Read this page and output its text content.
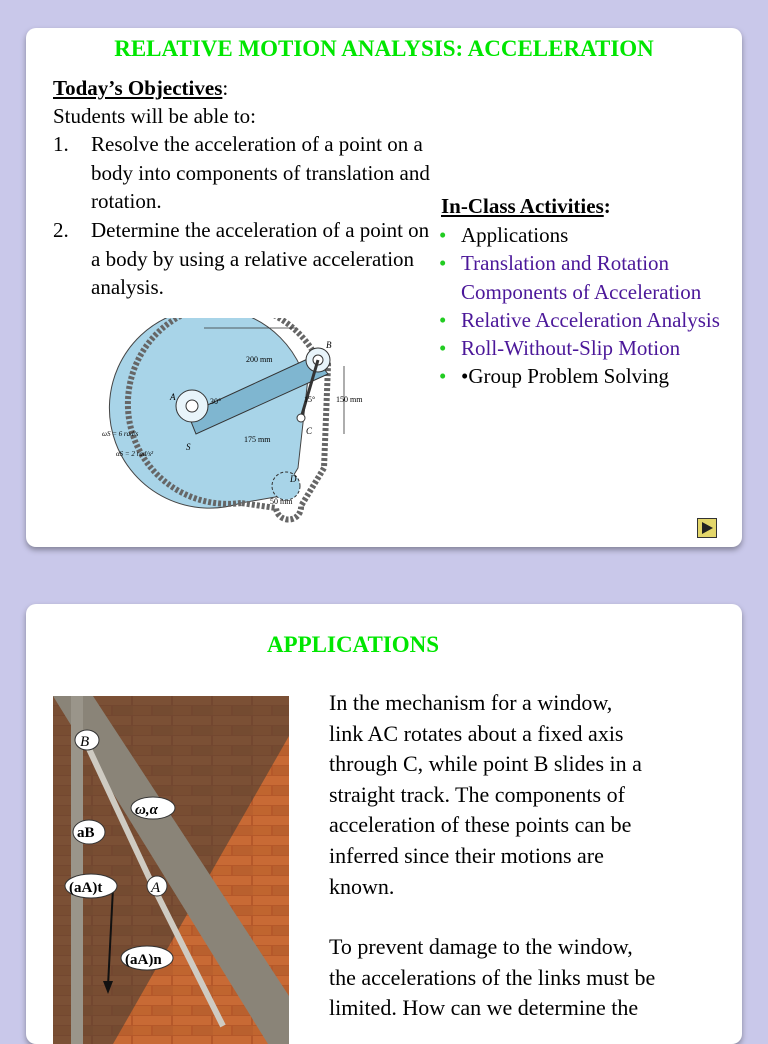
RELATIVE MOTION ANALYSIS: ACCELERATION
Today’s Objectives:
Students will be able to:
1. Resolve the acceleration of a point on a body into components of translation and rotation.
2. Determine the acceleration of a point on a body by using a relative acceleration analysis.
In-Class Activities:
• Applications
• Translation and Rotation Components of Acceleration
• Relative Acceleration Analysis
• Roll-Without-Slip Motion
• •Group Problem Solving
200 mm
B
A
S
C
D
30°	15°	150 mm
175 mm
50 mm
ωS = 6 rad/s
αS = 2 rad/s²
APPLICATIONS
B
ω,α
aB
(aA)t	A
(aA)n
In the mechanism for a window,
link AC rotates about a fixed axis
through C, while point B slides in a
straight track. The components of
acceleration of these points can be
inferred since their motions are
known.
To prevent damage to the window,
the accelerations of the links must be
limited. How can we determine the
